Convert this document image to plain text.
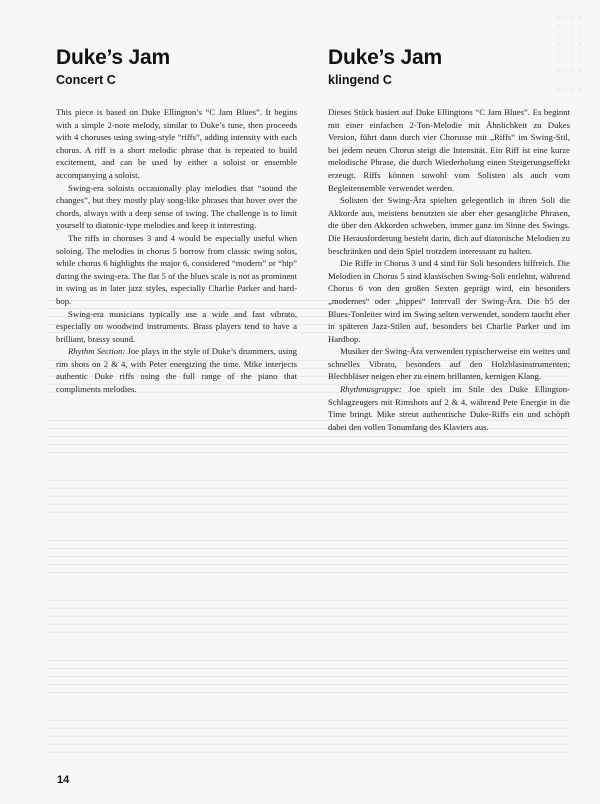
Duke’s Jam
Concert C

This piece is based on Duke Ellington’s “C Jam Blues”. It begins with a simple 2-note melody, similar to Duke’s tune, then proceeds with 4 choruses using swing-style “riffs”, adding intensity with each chorus. A riff is a short melodic phrase that is repeated to build excitement, and can be used by either a soloist or ensemble accompanying a soloist.

Swing-era soloists occasionally play melodies that “sound the changes”, but they mostly play song-like phrases that hover over the chords, always with a deep sense of swing. The challenge is to limit yourself to diatonic-type melodies and keep it interesting.

The riffs in choruses 3 and 4 would be especially useful when soloing. The melodies in chorus 5 borrow from classic swing solos, while chorus 6 highlights the major 6, considered “modern” or “hip” during the swing-era. The flat 5 of the blues scale is not as prominent in swing as in later jazz styles, especially Charlie Parker and hard-bop.

Swing-era musicians typically use a wide and fast vibrato, especially on woodwind instruments. Brass players tend to have a brilliant, brassy sound.

Rhythm Section: Joe plays in the style of Duke’s drummers, using rim shots on 2 & 4, with Peter energizing the time. Mike interjects authentic Duke riffs using the full range of the piano that compliments melodies.

Duke’s Jam
klingend C

Dieses Stück basiert auf Duke Ellingtons “C Jam Blues”. Es beginnt mit einer einfachen 2-Ton-Melodie mit Ähnlichkeit zu Dukes Version, führt dann durch vier Chorusse mit „Riffs“ im Swing-Stil, bei jedem neuen Chorus steigt die Intensität. Ein Riff ist eine kurze melodische Phrase, die durch Wiederholung einen Steigerungseffekt erzeugt. Riffs können sowohl vom Solisten als auch vom Begleitensemble verwendet werden.

Solisten der Swing-Ära spielten gelegentlich in ihren Soli die Akkorde aus, meistens benutzten sie aber eher gesangliche Phrasen, die über den Akkorden schweben, immer ganz im Sinne des Swings. Die Herausforderung besteht darin, dich auf diatonische Melodien zu beschränken und dein Spiel trotzdem interessant zu halten.

Die Riffe in Chorus 3 und 4 sind für Soli besonders hilfreich. Die Melodien in Chorus 5 sind klassischen Swing-Soli entlehnt, während Chorus 6 von den großen Sexten geprägt wird, ein besonders „modernes“ oder „hippes“ Intervall der Swing-Ära. Die b5 der Blues-Tonleiter wird im Swing selten verwendet, sondern taucht eher in späteren Jazz-Stilen auf, besonders bei Charlie Parker und im Hardbop.

Musiker der Swing-Ära verwenden typischerweise ein weites und schnelles Vibrato, besonders auf den Holzblasinstrumenten; Blechbläser neigen eher zu einem brillanten, kernigen Klang.

Rhythmusgruppe: Joe spielt im Stile des Duke Ellington-Schlagzeugers mit Rimshots auf 2 & 4, während Pete Energie in die Time bringt. Mike streut authentische Duke-Riffs ein und schöpft dabei den vollen Tonumfang des Klaviers aus.

14
